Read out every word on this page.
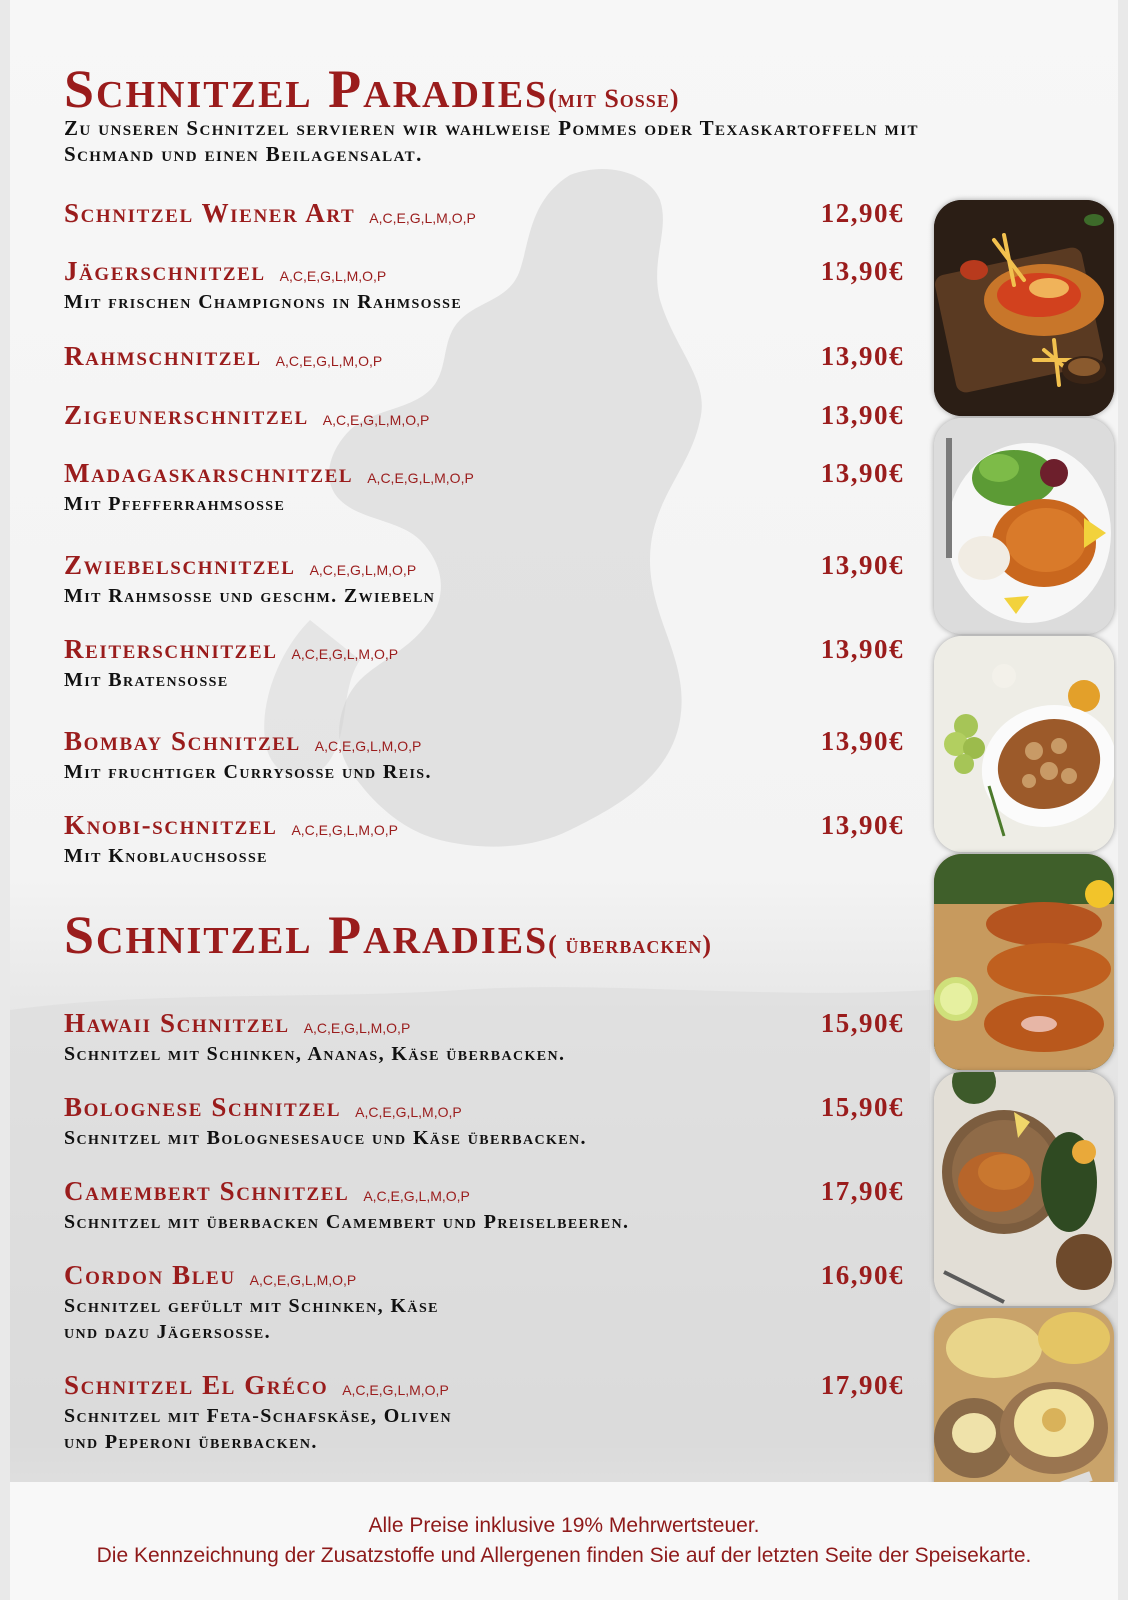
Schnitzel Paradies(mit Sosse)
Zu unseren Schnitzel servieren wir wahlweise Pommes oder Texaskartoffeln mit Schmand und einen Beilagensalat.
Schnitzel Wiener Art A,C,E,G,L,M,O,P	12,90€
Jägerschnitzel A,C,E,G,L,M,O,P	13,90€
Mit frischen Champignons in Rahmsosse
Rahmschnitzel A,C,E,G,L,M,O,P	13,90€
Zigeunerschnitzel A,C,E,G,L,M,O,P	13,90€
Madagaskarschnitzel A,C,E,G,L,M,O,P	13,90€
Mit Pfefferrahmsosse
Zwiebelschnitzel A,C,E,G,L,M,O,P	13,90€
Mit Rahmsosse und geschm. Zwiebeln
Reiterschnitzel A,C,E,G,L,M,O,P	13,90€
Mit Bratensosse
Bombay Schnitzel A,C,E,G,L,M,O,P	13,90€
Mit fruchtiger Currysosse und Reis.
Knobi-schnitzel A,C,E,G,L,M,O,P	13,90€
Mit Knoblauchsosse
Schnitzel Paradies( überbacken)
Hawaii Schnitzel A,C,E,G,L,M,O,P	15,90€
Schnitzel mit Schinken, Ananas, Käse überbacken.
Bolognese Schnitzel A,C,E,G,L,M,O,P	15,90€
Schnitzel mit Bolognesesauce und Käse überbacken.
Camembert Schnitzel A,C,E,G,L,M,O,P	17,90€
Schnitzel mit überbacken Camembert und Preiselbeeren.
Cordon Bleu A,C,E,G,L,M,O,P	16,90€
Schnitzel gefüllt mit Schinken, Käse
und dazu Jägersosse.
Schnitzel El Gréco A,C,E,G,L,M,O,P	17,90€
Schnitzel mit Feta-Schafskäse, Oliven
und Peperoni überbacken.

Alle Preise inklusive 19% Mehrwertsteuer.

Die Kennzeichnung der Zusatzstoffe und Allergenen finden Sie auf der letzten Seite der Speisekarte.
